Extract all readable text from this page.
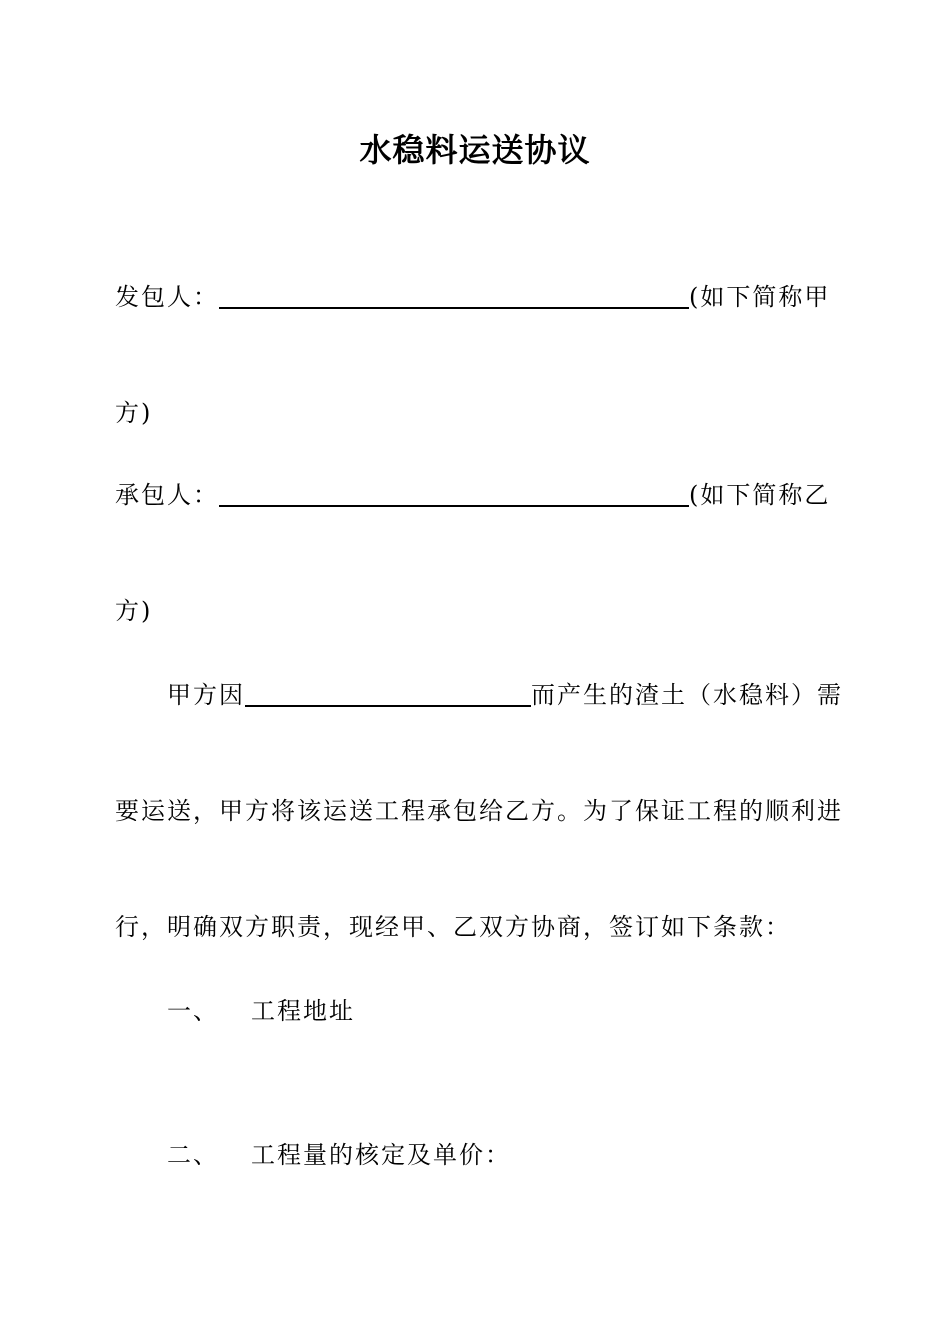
水稳料运送协议
发包人：	(如下简称甲
方)
承包人：	(如下简称乙
方)
甲方因	而产生的渣土（水稳料）需
要运送，甲方将该运送工程承包给乙方。为了保证工程的顺利进
行，明确双方职责，现经甲、乙双方协商，签订如下条款：
一、 工程地址
二、 工程量的核定及单价：
